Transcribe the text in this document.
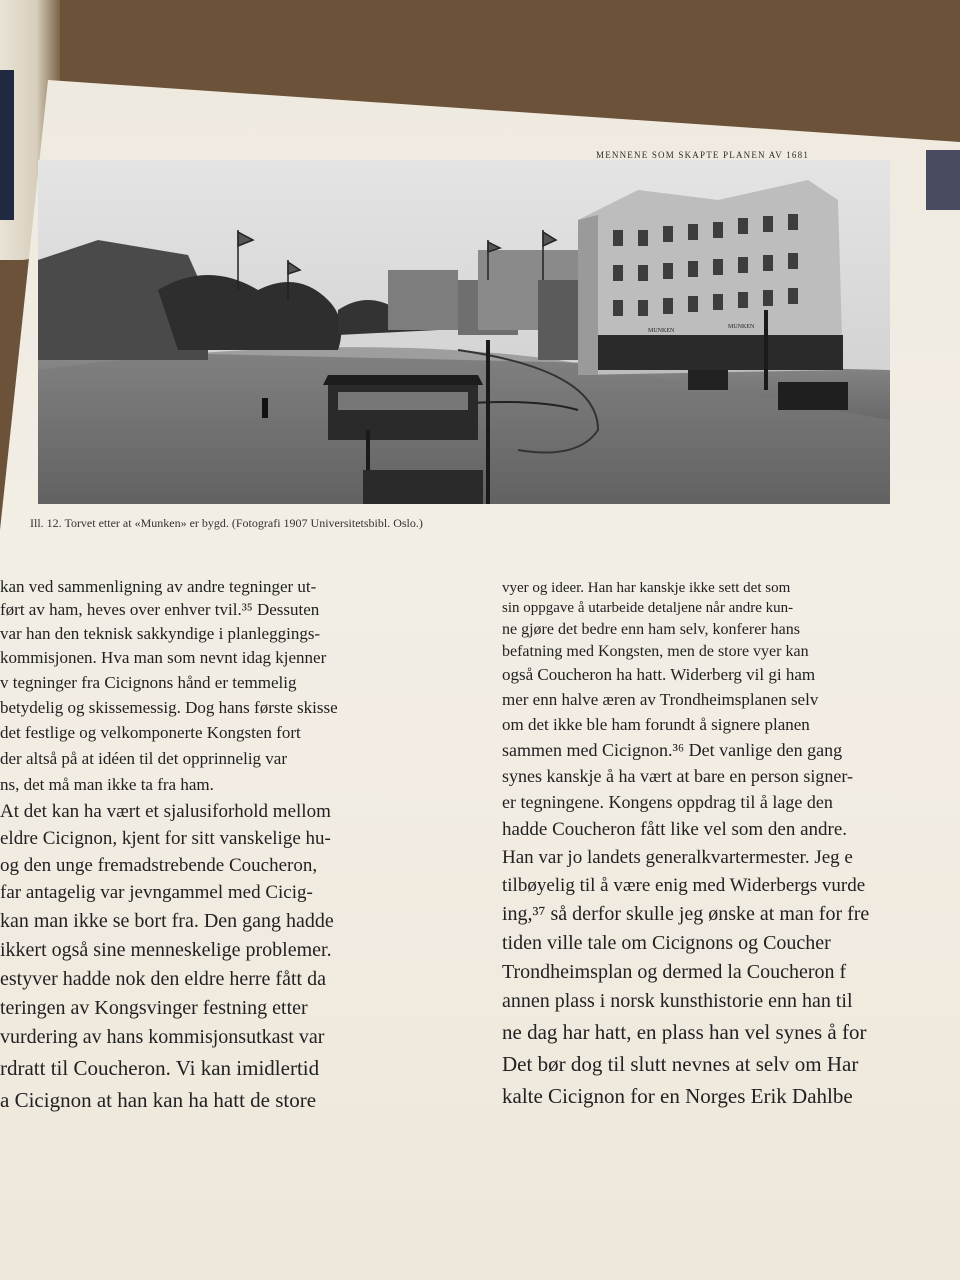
MENNENE SOM SKAPTE PLANEN AV 1681
MUNKEN
MUNKEN
Ill. 12. Torvet etter at «Munken» er bygd. (Fotografi 1907 Universitetsbibl. Oslo.)
kan ved sammenligning av andre tegninger ut-
ført av ham, heves over enhver tvil.³⁵ Dessuten
var han den teknisk sakkyndige i planleggings-
kommisjonen. Hva man som nevnt idag kjenner
v tegninger fra Cicignons hånd er temmelig
betydelig og skissemessig. Dog hans første skisse
det festlige og velkomponerte Kongsten fort
der altså på at idéen til det opprinnelig var
ns, det må man ikke ta fra ham.
At det kan ha vært et sjalusiforhold mellom
eldre Cicignon, kjent for sitt vanskelige hu-
og den unge fremadstrebende Coucheron,
far antagelig var jevngammel med Cicig-
kan man ikke se bort fra. Den gang hadde
ikkert også sine menneskelige problemer.
estyver hadde nok den eldre herre fått da
teringen av Kongsvinger festning etter
vurdering av hans kommisjonsutkast var
rdratt til Coucheron. Vi kan imidlertid
a Cicignon at han kan ha hatt de store
vyer og ideer. Han har kanskje ikke sett det som
sin oppgave å utarbeide detaljene når andre kun-
ne gjøre det bedre enn ham selv, konferer hans
befatning med Kongsten, men de store vyer kan
også Coucheron ha hatt. Widerberg vil gi ham
mer enn halve æren av Trondheimsplanen selv
om det ikke ble ham forundt å signere planen
sammen med Cicignon.³⁶ Det vanlige den gang
synes kanskje å ha vært at bare en person signer-
er tegningene. Kongens oppdrag til å lage den
hadde Coucheron fått like vel som den andre.
Han var jo landets generalkvartermester. Jeg e
tilbøyelig til å være enig med Widerbergs vurde
ing,³⁷ så derfor skulle jeg ønske at man for fre
tiden ville tale om Cicignons og Coucher
Trondheimsplan og dermed la Coucheron f
annen plass i norsk kunsthistorie enn han til
ne dag har hatt, en plass han vel synes å for
Det bør dog til slutt nevnes at selv om Har
kalte Cicignon for en Norges Erik Dahlbe
